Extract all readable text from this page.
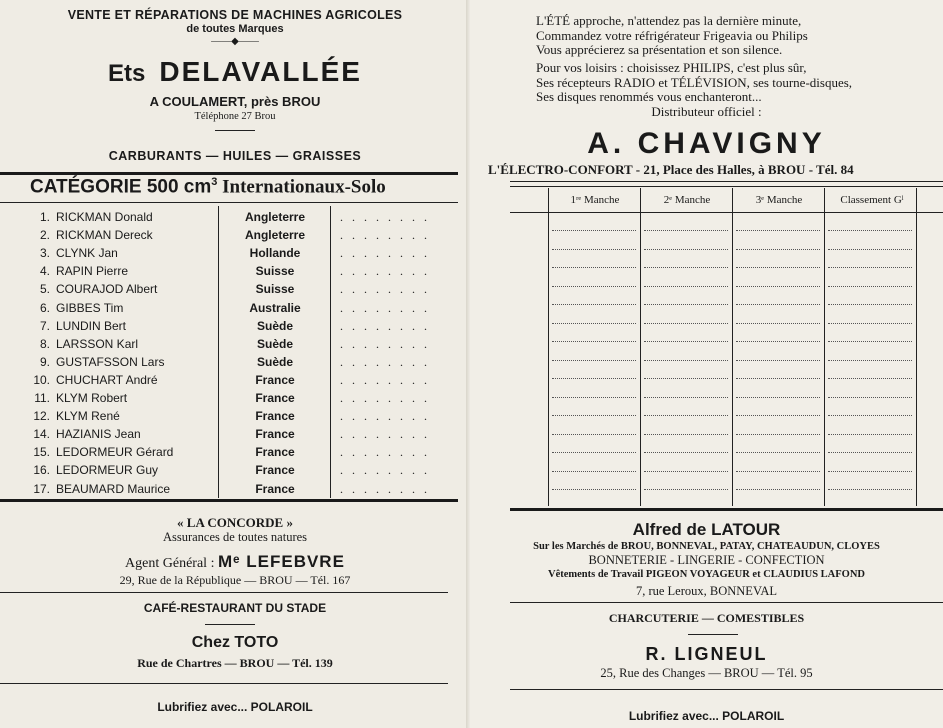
VENTE ET RÉPARATIONS DE MACHINES AGRICOLES
de toutes Marques
——◆——
Ets DELAVALLÉE
A COULAMERT, près BROU
Téléphone 27 Brou
CARBURANTS — HUILES — GRAISSES
CATÉGORIE 500 $cm^3$ Internationaux-Solo
1. RICKMAN Donald	Angleterre	. . . . . . . .
2. RICKMAN Dereck	Angleterre	. . . . . . . .
3. CLYNK Jan	Hollande	. . . . . . . .
4. RAPIN Pierre	Suisse	. . . . . . . .
5. COURAJOD Albert	Suisse	. . . . . . . .
6. GIBBES Tim	Australie	. . . . . . . .
7. LUNDIN Bert	Suède	. . . . . . . .
8. LARSSON Karl	Suède	. . . . . . . .
9. GUSTAFSSON Lars	Suède	. . . . . . . .
10. CHUCHART André	France	. . . . . . . .
11. KLYM Robert	France	. . . . . . . .
12. KLYM René	France	. . . . . . . .
14. HAZIANIS Jean	France	. . . . . . . .
15. LEDORMEUR Gérard	France	. . . . . . . .
16. LEDORMEUR Guy	France	. . . . . . . .
17. BEAUMARD Maurice	France	. . . . . . . .
« LA CONCORDE »
Assurances de toutes natures
Agent Général : Mᵉ LEFEBVRE
29, Rue de la République — BROU — Tél. 167
CAFÉ-RESTAURANT DU STADE
Chez TOTO
Rue de Chartres — BROU — Tél. 139
Lubrifiez avec... POLAROIL
L'ÉTÉ approche, n'attendez pas la dernière minute,
Commandez votre réfrigérateur Frigeavia ou Philips
Vous apprécierez sa présentation et son silence.
Pour vos loisirs : choisissez PHILIPS, c'est plus sûr,
Ses récepteurs RADIO et TÉLÉVISION, ses tourne-disques,
Ses disques renommés vous enchanteront...
Distributeur officiel :
A. CHAVIGNY
L'ÉLECTRO-CONFORT - 21, Place des Halles, à BROU - Tél. 84
1ʳᵉ Manche	2ᵉ Manche	3ᵉ Manche	Classement Gˡ
Alfred de LATOUR
Sur les Marchés de BROU, BONNEVAL, PATAY, CHATEAUDUN, CLOYES
BONNETERIE - LINGERIE - CONFECTION
Vêtements de Travail PIGEON VOYAGEUR et CLAUDIUS LAFOND
7, rue Leroux, BONNEVAL
CHARCUTERIE — COMESTIBLES
R. LIGNEUL
25, Rue des Changes — BROU — Tél. 95
Lubrifiez avec... POLAROIL
